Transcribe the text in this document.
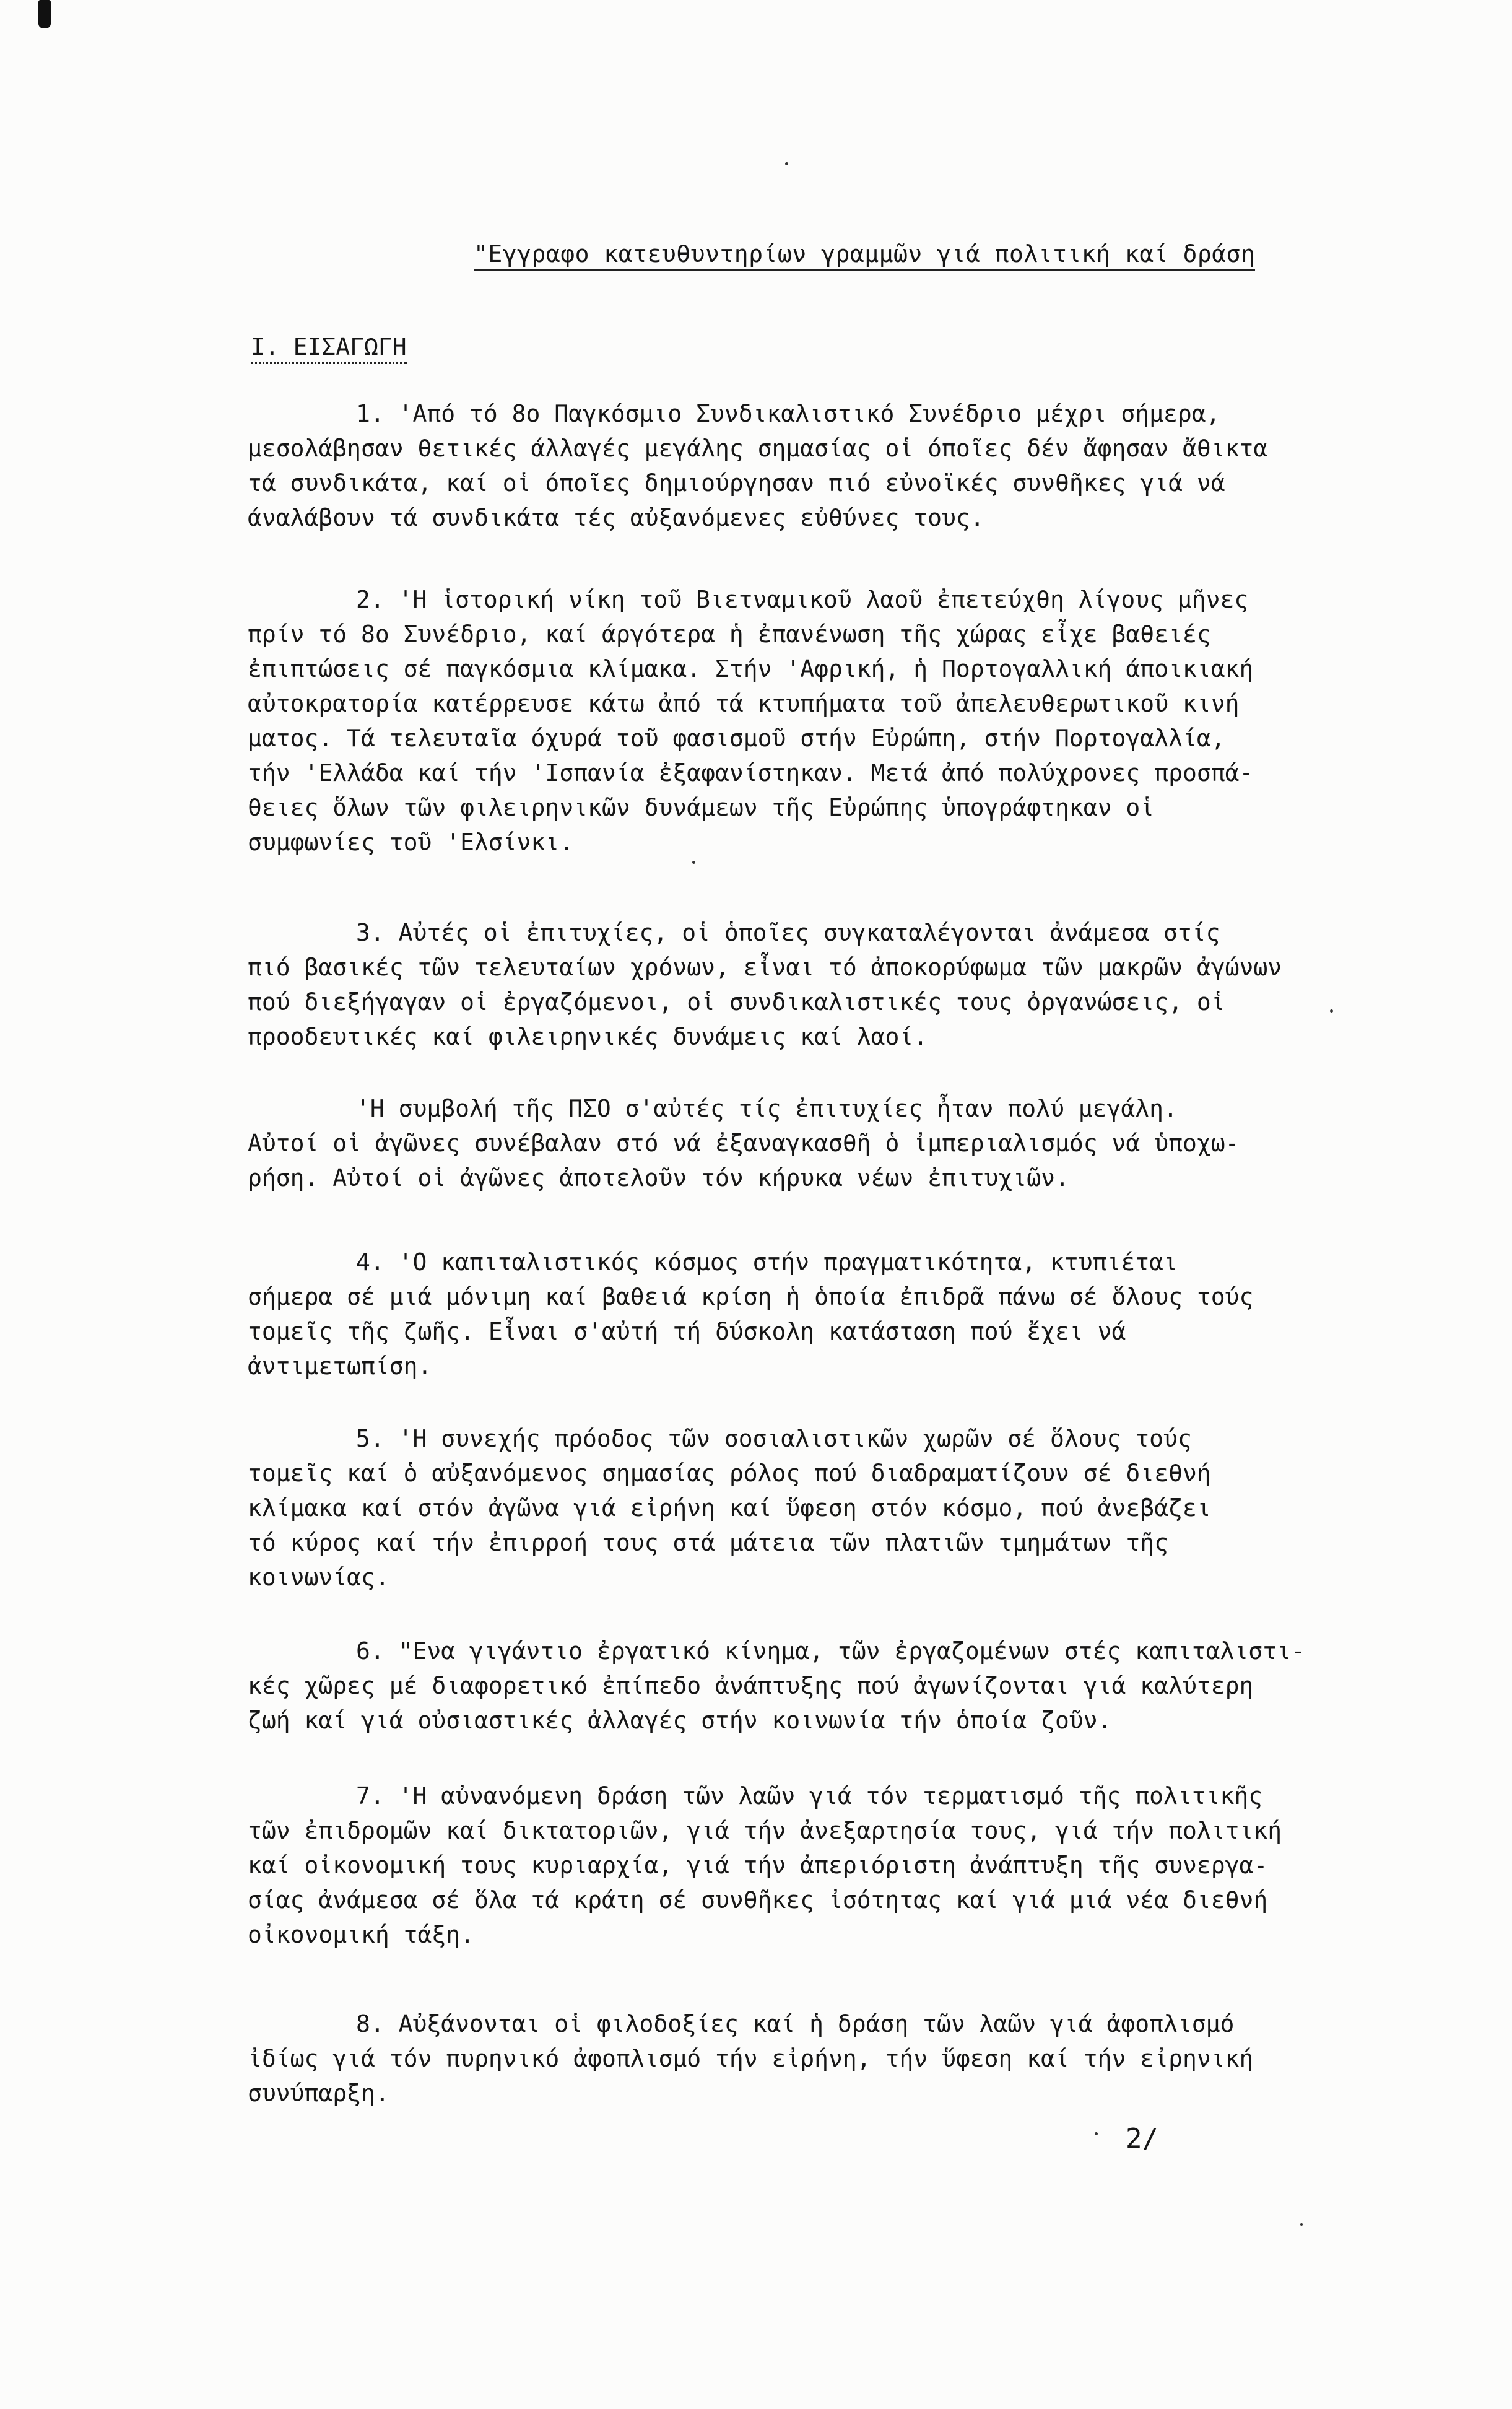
"Εγγραφο κατευθυντηρίων γραμμῶν γιά πολιτική καί δράση
Ι. ΕΙΣΑΓΩΓΗ
1. 'Από τό 8ο Παγκόσμιο Συνδικαλιστικό Συνέδριο μέχρι σήμερα,
μεσολάβησαν θετικές άλλαγές μεγάλης σημασίας οἱ όποῖες δέν ἄφησαν ἄθικτα
τά συνδικάτα, καί οἱ όποῖες δημιούργησαν πιό εὐνοϊκές συνθῆκες γιά νά
άναλάβουν τά συνδικάτα τές αὐξανόμενες εὐθύνες τους.
2. 'Η ἱστορική νίκη τοῦ Βιετναμικοῦ λαοῦ ἐπετεύχθη λίγους μῆνες
πρίν τό 8ο Συνέδριο, καί άργότερα ἡ ἐπανένωση τῆς χώρας εἶχε βαθειές
ἐπιπτώσεις σέ παγκόσμια κλίμακα. Στήν 'Αφρική, ἡ Πορτογαλλική άποικιακή
αὐτοκρατορία κατέρρευσε κάτω ἀπό τά κτυπήματα τοῦ ἀπελευθερωτικοῦ κινή
ματος. Τά τελευταῖα όχυρά τοῦ φασισμοῦ στήν Εὐρώπη, στήν Πορτογαλλία,
τήν 'Ελλάδα καί τήν 'Ισπανία ἐξαφανίστηκαν. Μετά ἀπό πολύχρονες προσπά-
θειες ὅλων τῶν φιλειρηνικῶν δυνάμεων τῆς Εὐρώπης ὑπογράφτηκαν οἱ
συμφωνίες τοῦ 'Ελσίνκι.
3. Αὐτές οἱ ἐπιτυχίες, οἱ ὁποῖες συγκαταλέγονται ἀνάμεσα στίς
πιό βασικές τῶν τελευταίων χρόνων, εἶναι τό ἀποκορύφωμα τῶν μακρῶν ἀγώνων
πού διεξήγαγαν οἱ ἐργαζόμενοι, οἱ συνδικαλιστικές τους ὀργανώσεις, οἱ
προοδευτικές καί φιλειρηνικές δυνάμεις καί λαοί.
'Η συμβολή τῆς ΠΣΟ σ'αὐτές τίς ἐπιτυχίες ἦταν πολύ μεγάλη.
Αὐτοί οἱ ἀγῶνες συνέβαλαν στό νά ἐξαναγκασθῆ ὁ ἰμπεριαλισμός νά ὑποχω-
ρήση. Αὐτοί οἱ ἀγῶνες ἀποτελοῦν τόν κήρυκα νέων ἐπιτυχιῶν.
4. 'Ο καπιταλιστικός κόσμος στήν πραγματικότητα, κτυπιέται
σήμερα σέ μιά μόνιμη καί βαθειά κρίση ἡ ὁποία ἐπιδρᾶ πάνω σέ ὅλους τούς
τομεῖς τῆς ζωῆς. Εἶναι σ'αὐτή τή δύσκολη κατάσταση πού ἔχει νά
ἀντιμετωπίση.
5. 'Η συνεχής πρόοδος τῶν σοσιαλιστικῶν χωρῶν σέ ὅλους τούς
τομεῖς καί ὁ αὐξανόμενος σημασίας ρόλος πού διαδραματίζουν σέ διεθνή
κλίμακα καί στόν ἀγῶνα γιά εἰρήνη καί ὕφεση στόν κόσμο, πού ἀνεβάζει
τό κύρος καί τήν ἐπιρροή τους στά μάτεια τῶν πλατιῶν τμημάτων τῆς
κοινωνίας.
6. "Ενα γιγάντιο ἐργατικό κίνημα, τῶν ἐργαζομένων στές καπιταλιστι-
κές χῶρες μέ διαφορετικό ἐπίπεδο ἀνάπτυξης πού ἀγωνίζονται γιά καλύτερη
ζωή καί γιά οὐσιαστικές ἀλλαγές στήν κοινωνία τήν ὁποία ζοῦν.
7. 'Η αὐνανόμενη δράση τῶν λαῶν γιά τόν τερματισμό τῆς πολιτικῆς
τῶν ἐπιδρομῶν καί δικτατοριῶν, γιά τήν ἀνεξαρτησία τους, γιά τήν πολιτική
καί οἰκονομική τους κυριαρχία, γιά τήν ἀπεριόριστη ἀνάπτυξη τῆς συνεργα-
σίας ἀνάμεσα σέ ὅλα τά κράτη σέ συνθῆκες ἰσότητας καί γιά μιά νέα διεθνή
οἰκονομική τάξη.
8. Αὐξάνονται οἱ φιλοδοξίες καί ἡ δράση τῶν λαῶν γιά ἀφοπλισμό
ἰδίως γιά τόν πυρηνικό ἀφοπλισμό τήν εἰρήνη, τήν ὕφεση καί τήν εἰρηνική
συνύπαρξη.
2/
